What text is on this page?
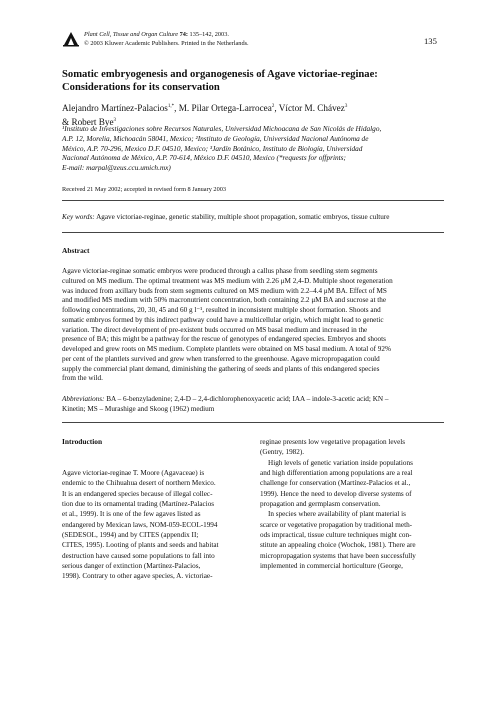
Plant Cell, Tissue and Organ Culture 74: 135–142, 2003.
© 2003 Kluwer Academic Publishers. Printed in the Netherlands.	135
Somatic embryogenesis and organogenesis of Agave victoriae-reginae:
Considerations for its conservation
Alejandro Martínez-Palacios$^{1,*}$, M. Pilar Ortega-Larrocea$^2$, Víctor M. Chávez$^3$
& Robert Bye$^3$
¹Instituto de Investigaciones sobre Recursos Naturales, Universidad Michoacana de San Nicolás de Hidalgo,
A.P. 12, Morelia, Michoacán 58041, Mexico; ²Instituto de Geología, Universidad Nacional Autónoma de
México, A.P. 70-296, Mexico D.F. 04510, Mexico; ³Jardín Botánico, Instituto de Biología, Universidad
Nacional Autónoma de México, A.P. 70-614, México D.F. 04510, Mexico (*requests for offprints;
E-mail: marpal@zeus.ccu.umich.mx)
Received 21 May 2002; accepted in revised form 8 January 2003
Key words: Agave victoriae-reginae, genetic stability, multiple shoot propagation, somatic embryos, tissue culture
Abstract
Agave victoriae-reginae somatic embryos were produced through a callus phase from seedling stem segments
cultured on MS medium. The optimal treatment was MS medium with 2.26 μM 2,4-D. Multiple shoot regeneration
was induced from axillary buds from stem segments cultured on MS medium with 2.2–4.4 μM BA. Effect of MS
and modified MS medium with 50% macronutrient concentration, both containing 2.2 μM BA and sucrose at the
following concentrations, 20, 30, 45 and 60 g l⁻¹, resulted in inconsistent multiple shoot formation. Shoots and
somatic embryos formed by this indirect pathway could have a multicellular origin, which might lead to genetic
variation. The direct development of pre-existent buds occurred on MS basal medium and increased in the
presence of BA; this might be a pathway for the rescue of genotypes of endangered species. Embryos and shoots
developed and grew roots on MS medium. Complete plantlets were obtained on MS basal medium. A total of 92%
per cent of the plantlets survived and grew when transferred to the greenhouse. Agave micropropagation could
supply the commercial plant demand, diminishing the gathering of seeds and plants of this endangered species
from the wild.
Abbreviations: BA – 6-benzyladenine; 2,4-D – 2,4-dichlorophenoxyacetic acid; IAA – indole-3-acetic acid; KN –
Kinetin; MS – Murashige and Skoog (1962) medium
Introduction
Agave victoriae-reginae T. Moore (Agavaceae) is
endemic to the Chihuahua desert of northern Mexico.
It is an endangered species because of illegal collec-
tion due to its ornamental trading (Martínez-Palacios
et al., 1999). It is one of the few agaves listed as
endangered by Mexican laws, NOM-059-ECOL-1994
(SEDESOL, 1994) and by CITES (appendix II;
CITES, 1995). Looting of plants and seeds and habitat
destruction have caused some populations to fall into
serious danger of extinction (Martínez-Palacios,
1998). Contrary to other agave species, A. victoriae-
reginae presents low vegetative propagation levels
(Gentry, 1982).
High levels of genetic variation inside populations
and high differentiation among populations are a real
challenge for conservation (Martínez-Palacios et al.,
1999). Hence the need to develop diverse systems of
propagation and germplasm conservation.
In species where availability of plant material is
scarce or vegetative propagation by traditional meth-
ods impractical, tissue culture techniques might con-
stitute an appealing choice (Wochok, 1981). There are
micropropagation systems that have been successfully
implemented in commercial horticulture (George,
